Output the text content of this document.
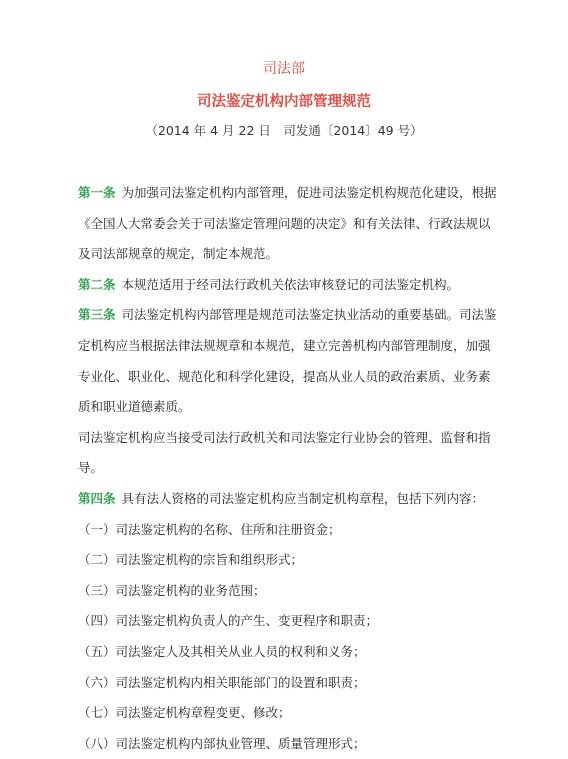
司法部
司法鉴定机构内部管理规范
（2014 年 4 月 22 日　司发通〔2014〕49 号）

第一条 为加强司法鉴定机构内部管理，促进司法鉴定机构规范化建设，根据《全国人大常委会关于司法鉴定管理问题的决定》和有关法律、行政法规以及司法部规章的规定，制定本规范。

第二条 本规范适用于经司法行政机关依法审核登记的司法鉴定机构。

第三条 司法鉴定机构内部管理是规范司法鉴定执业活动的重要基础。司法鉴定机构应当根据法律法规规章和本规范，建立完善机构内部管理制度，加强专业化、职业化、规范化和科学化建设，提高从业人员的政治素质、业务素质和职业道德素质。

司法鉴定机构应当接受司法行政机关和司法鉴定行业协会的管理、监督和指导。

第四条 具有法人资格的司法鉴定机构应当制定机构章程，包括下列内容：

（一）司法鉴定机构的名称、住所和注册资金；

（二）司法鉴定机构的宗旨和组织形式；

（三）司法鉴定机构的业务范围；

（四）司法鉴定机构负责人的产生、变更程序和职责；

（五）司法鉴定人及其相关从业人员的权利和义务；

（六）司法鉴定机构内相关职能部门的设置和职责；

（七）司法鉴定机构章程变更、修改；

（八）司法鉴定机构内部执业管理、质量管理形式；
